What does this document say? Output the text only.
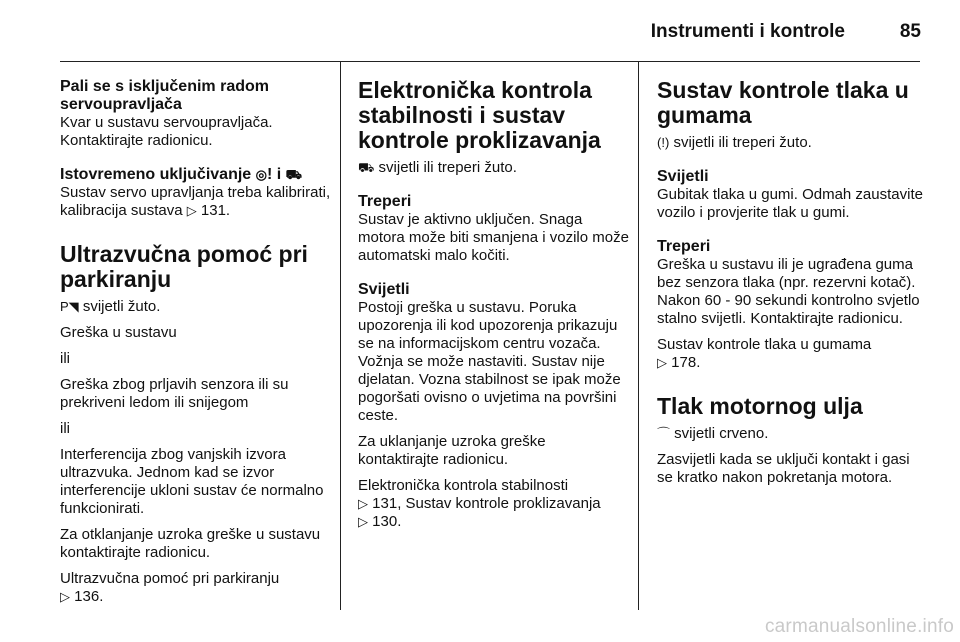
Instrumenti i kontrole	85
Pali se s isključenim radom servoupravljača

Kvar u sustavu servoupravljača. Kontaktirajte radionicu.

Istovremeno uključivanje ◎! i ⛟

Sustav servo upravljanja treba kalibrirati, kalibracija sustava ▷ 131.

Ultrazvučna pomoć pri parkiranju

P◥ svijetli žuto.

Greška u sustavu

ili

Greška zbog prljavih senzora ili su prekriveni ledom ili snijegom

ili

Interferencija zbog vanjskih izvora ultrazvuka. Jednom kad se izvor interferencije ukloni sustav će normalno funkcionirati.

Za otklanjanje uzroka greške u sustavu kontaktirajte radionicu.

Ultrazvučna pomoć pri parkiranju
▷ 136.

Elektronička kontrola stabilnosti i sustav kontrole proklizavanja

⛟ svijetli ili treperi žuto.

Treperi

Sustav je aktivno uključen. Snaga motora može biti smanjena i vozilo može automatski malo kočiti.

Svijetli

Postoji greška u sustavu. Poruka upozorenja ili kod upozorenja prikazuju se na informacijskom centru vozača. Vožnja se može nastaviti. Sustav nije djelatan. Vozna stabilnost se ipak može pogoršati ovisno o uvjetima na površini ceste.

Za uklanjanje uzroka greške kontaktirajte radionicu.

Elektronička kontrola stabilnosti
▷ 131, Sustav kontrole proklizavanja
▷ 130.

Sustav kontrole tlaka u gumama

(!) svijetli ili treperi žuto.

Svijetli

Gubitak tlaka u gumi. Odmah zaustavite vozilo i provjerite tlak u gumi.

Treperi

Greška u sustavu ili je ugrađena guma bez senzora tlaka (npr. rezervni kotač). Nakon 60 - 90 sekundi kontrolno svjetlo stalno svijetli. Kontaktirajte radionicu.

Sustav kontrole tlaka u gumama
▷ 178.

Tlak motornog ulja

⌒ svijetli crveno.

Zasvijetli kada se uključi kontakt i gasi se kratko nakon pokretanja motora.

carmanualsonline.info
